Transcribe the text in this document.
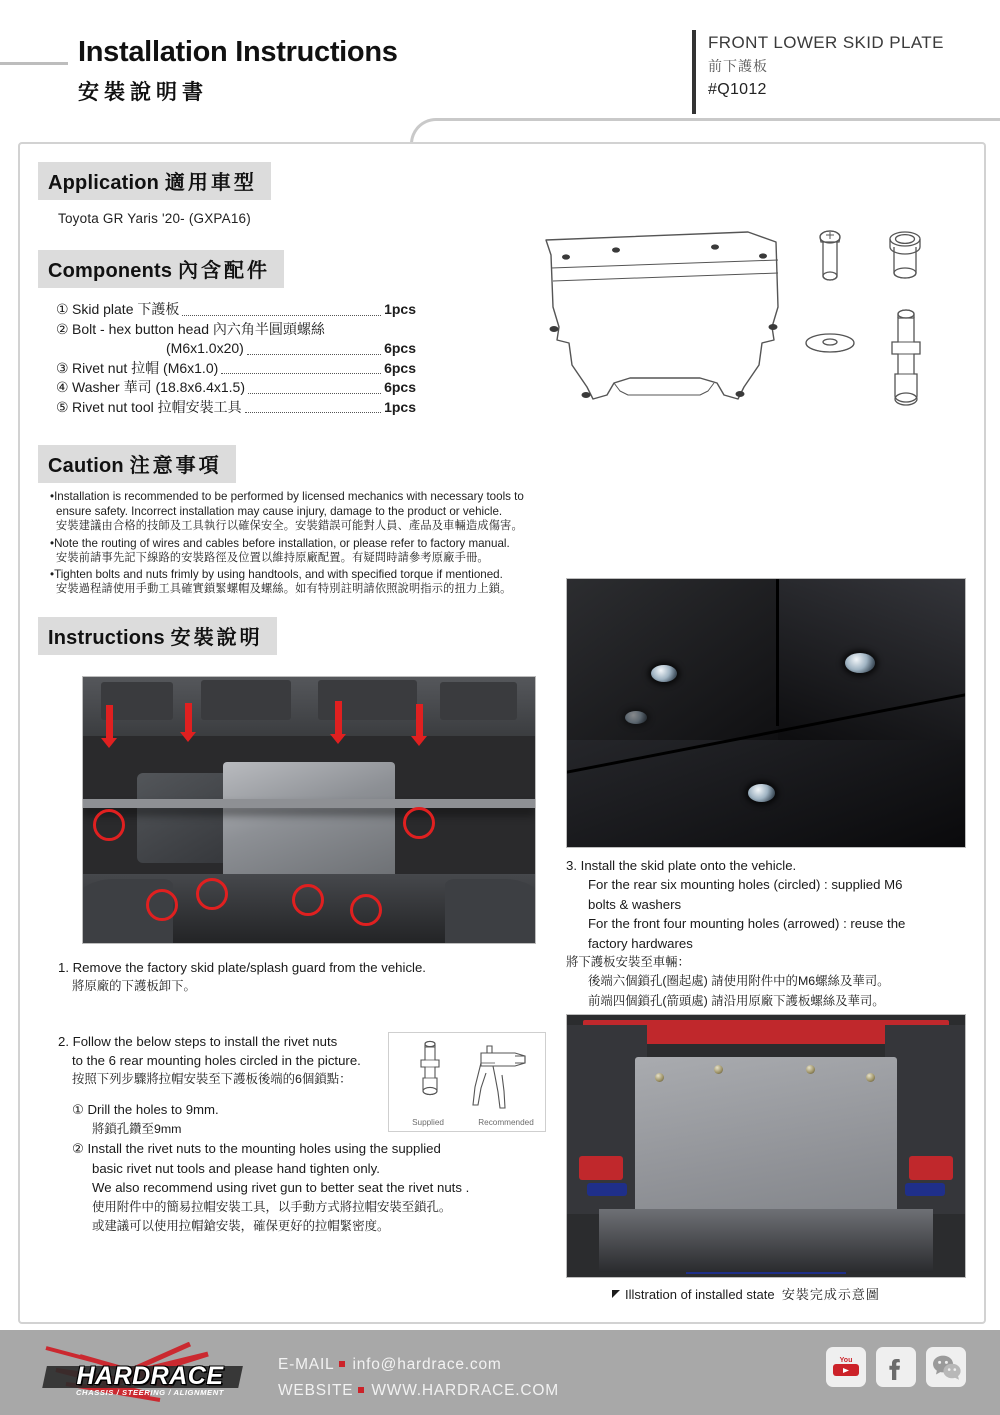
Installation Instructions
安裝說明書
FRONT LOWER SKID PLATE
前下護板
#Q1012
Application 適用車型
Toyota GR Yaris '20- (GXPA16)
Components 內含配件
① Skid plate 下護板	1pcs
② Bolt - hex button head 內六角半圓頭螺絲
(M6x1.0x20)	6pcs
③ Rivet nut 拉帽 (M6x1.0)	6pcs
④ Washer 華司 (18.8x6.4x1.5)	6pcs
⑤ Rivet nut tool 拉帽安裝工具	1pcs
Caution 注意事項
• Installation is recommended to be performed by licensed mechanics with necessary tools to ensure safety. Incorrect installation may cause injury, damage to the product or vehicle.
安裝建議由合格的技師及工具執行以確保安全。安裝錯誤可能對人員、產品及車輛造成傷害。
• Note the routing of wires and cables before installation, or please refer to factory manual.
安裝前請事先記下線路的安裝路徑及位置以維持原廠配置。有疑問時請參考原廠手冊。
• Tighten bolts and nuts frimly by using handtools, and with specified torque if mentioned.
安裝過程請使用手動工具確實鎖緊螺帽及螺絲。如有特別註明請依照說明指示的扭力上鎖。
Instructions 安裝說明
1. Remove the factory skid plate/splash guard from the vehicle.
將原廠的下護板卸下。
2. Follow the below steps to install the rivet nuts
to the 6 rear mounting holes circled in the picture.
按照下列步驟將拉帽安裝至下護板後端的6個鎖點：
Supplied	Recommended
① Drill the holes to 9mm.
將鎖孔鑽至9mm
② Install the rivet nuts to the mounting holes using the supplied
basic rivet nut tools and please hand tighten only.
We also recommend using rivet gun to better seat the rivet nuts .
使用附件中的簡易拉帽安裝工具，以手動方式將拉帽安裝至鎖孔。
或建議可以使用拉帽鎗安裝，確保更好的拉帽緊密度。
3. Install the skid plate onto the vehicle.
For the rear six mounting holes (circled) : supplied M6
bolts & washers
For the front four mounting holes (arrowed) : reuse the
factory hardwares
將下護板安裝至車輛：
後端六個鎖孔(圈起處) 請使用附件中的M6螺絲及華司。
前端四個鎖孔(箭頭處) 請沿用原廠下護板螺絲及華司。
Illstration of installed state 安裝完成示意圖
HARDRACE
CHASSIS / STEERING / ALIGNMENT
E-MAIL info@hardrace.com
WEBSITE WWW.HARDRACE.COM
You
